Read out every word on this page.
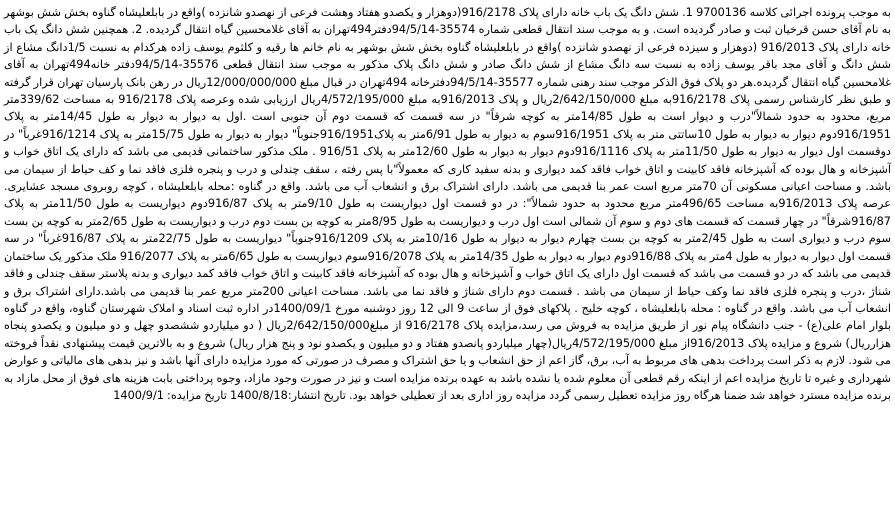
به موجب پرونده اجرائی کلاسه 9700136 1. شش دانگ یک باب خانه دارای پلاک 916/2178(دوهزار و یکصدو هفتاد وهشت فرعی از نهصدو شانزده )واقع در بابلعلیشاه گناوه بخش شش بوشهر به نام آقای حسن قرخیان ثبت و صادر گردیده است. و به موجب سند انتقال قطعی شماره 35574-94/5/14دفتر494تهران به آقای غلامحسین گیاه انتقال گردیده. 2. همچنین شش دانگ یک باب خانه دارای پلاک 916/2013 (دوهزار و سیزده فرعی از نهصدو شانزده )واقع در بابلعلیشاه گناوه بخش شش بوشهر به نام خانم ها رقیه و کلثوم یوسف زاده هرکدام به نسبت 1/5دانگ مشاع از شش دانگ و آقای مجد باقر یوسف زاده به نسبت سه دانگ مشاع از شش دانگ صادر و شش دانگ پلاک مذکور به موجب سند انتقال قطعی 35576-94/5/14دفتر خانه494تهران به آقای غلامحسین گیاه انتقال گردیده.هر دو پلاک فوق الذکر موجب سند رهنی شماره 35577-94/5/14دفترخانه 494تهران در قبال مبلغ 12/000/000/000ریال در رهن بانک پارسیان تهران قرار گرفته و طبق نظر کارشناس رسمی پلاک 916/2178به مبلغ 2/642/150/000ریال و پلاک 916/2013به مبلغ 4/572/195/000ریال ارزیابی شده وعرصه پلاک 916/2178 به مساحت 339/62متر مربع، محدود به حدود شمالاً"درب و دیوار است به طول 14/85متر به کوچه شرقاً" در سه قسمت که قسمت دوم آن جنوبی است .اول به دیوار به دیوار به طول 14/45متر به پلاک 916/1951دوم دیوار به دیوار به طول 10ساتتی متر به پلاک 916/1951سوم به دیوار به طول 6/91متر به پلاک916/1951جنوباً" دیوار به دیوار به طول 15/75متر به پلاک 916/1214غرباً" در دوقسمت اول دیوار به دیوار به طول 11/50متر به پلاک 916/1116دوم دیوار به دیوار به طول 12/60متر به پلاک 916/51 . ملک مذکور ساختمانی قدیمی می باشد که دارای یک اتاق خواب و آشپزخانه و هال بوده که آشپزخانه فاقد کابینت و اتاق خواب فاقد کمد دیواری و بدنه سفید کاری که معمولاً"با پس رفته ، سقف چندلی و درب و پنجره فلزی فاقد نما و کف حیاط از سیمان می باشد. و مساحت اعیانی مسکونی آن 70متر مربع است عمر بنا قدیمی می باشد. دارای اشتراک برق و انشعاب آب می باشد. واقع در گناوه :محله بابلعلیشاه ، کوچه روبروی مسجد عشایری. عرصه پلاک 916/2013به مساحت 496/65متر مربع محدود به حدود شمالاً": در دو قسمت اول دیواریست به طول 9/10متر به پلاک 916/87دوم دیواریست به طول 11/50متر به پلاک 916/87شرقاً" در چهار قسمت که قسمت های دوم و سوم آن شمالی است اول درب و دیواریست به طول 8/95متر به کوچه بن بست دوم درب و دیواریست به طول 2/65متر به کوچه بن بست سوم درب و دیواری است به طول 2/45متر به کوچه بن بست چهارم دیوار به دیوار به طول 10/16متر به پلاک 916/1209جنوباً" دیواریست به طول 22/75متر به پلاک 916/87غرباً" در سه قسمت اول دیوار به دیوار به طول 4متر به پلاک 916/88دوم دیوار به دیوار به طول 14/35متر به پلاک 916/2078سوم دیواریست به طول 6/65متر به پلاک 916/2077 ملک مذکور یک ساختمان قدیمی می باشد که در دو قسمت می باشد که قسمت اول دارای یک اتاق خواب و آشپزخانه و هال بوده که آشپزخانه فاقد کابینت و اتاق خواب فاقد کمد دیواری و بدنه پلاستر سقف چندلی و فاقد شناژ ،درب و پنجره فلزی فاقد نما وکف حیاط از سیمان می باشد . قسمت دوم دارای شناژ و فاقد نما می باشد. مساحت اعیانی 200متر مربع عمر بنا قدیمی می باشد.دارای اشتراک برق و انشعاب آب می باشد. واقع در گناوه : محله بابلعلیشاه ، کوچه خلیج . پلاکهای فوق از ساعت 9 الی 12 روز دوشنبه مورخ 1400/09/1در اداره ثبت اسناد و املاک شهرستان گناوه، واقع در گناوه بلوار امام علی(ع) - جنب دانشگاه پیام نور از طریق مزایده به فروش می رسد،مزایده پلاک 916/2178 از مبلغ2/642/150/000ریال ( دو میلیاردو ششصدو چهل و دو میلیون و یکصدو پنجاه هزارریال) شروع و مزایده پلاک 916/2013از مبلغ 4/572/195/000ریال(چهار میلیاردو پانصدو هفتاد و دو میلیون و یکصدو نود و پنج هزار ریال) شروع و به بالاترین قیمت پیشنهادی نقداً فروخته می شود. لازم به ذکر است پرداخت بدهی های مربوط به آب، برق، گاز اعم از حق انشعاب و یا حق اشتراک و مصرف در صورتی که مورد مزایده دارای آنها باشد و نیز بدهی های مالیاتی و عوارض شهرداری و غیره تا تاریخ مزایده اعم از اینکه رقم قطعی آن معلوم شده یا نشده باشد به عهده برنده مزایده است و نیز در صورت وجود مازاد، وجوه پرداختی بابت هزینه های فوق از محل مازاد به برنده مزایده مسترد خواهد شد ضمنا هرگاه روز مزایده تعطیل رسمی گردد مزایده روز اداری بعد از تعطیلی خواهد بود. تاریخ انتشار:1400/8/18 تاریخ مزایده: 1400/9/1
